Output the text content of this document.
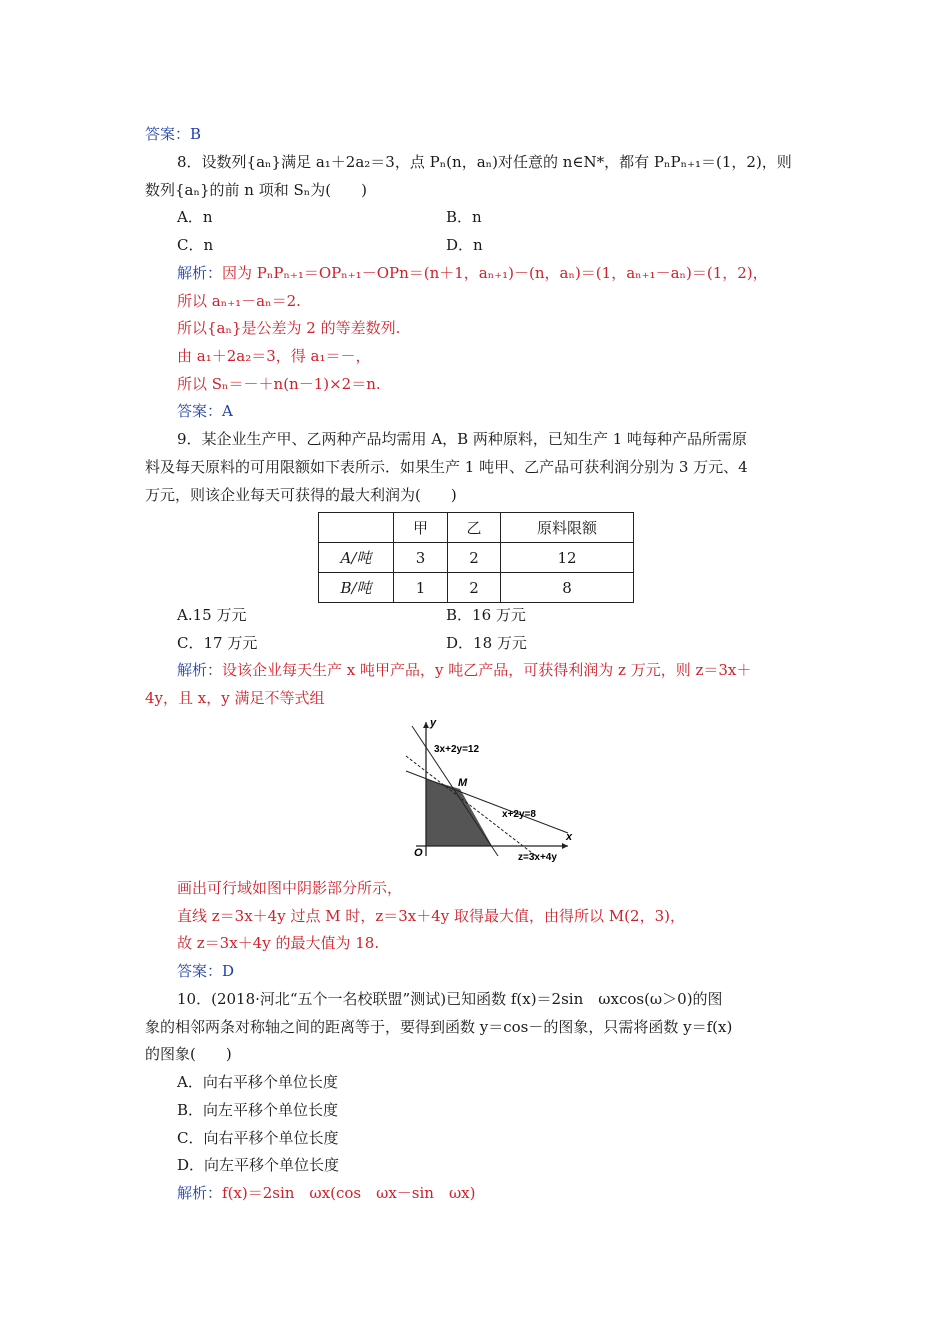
答案：B
8．设数列{aₙ}满足 a₁＋2a₂＝3，点 Pₙ(n，aₙ)对任意的 n∈N*，都有 PₙPₙ₊₁＝(1，2)，则
数列{aₙ}的前 n 项和 Sₙ为(　　)
A．n	B．n
C．n	D．n
解析：因为 PₙPₙ₊₁＝OPₙ₊₁－OPn＝(n＋1，aₙ₊₁)－(n，aₙ)＝(1，aₙ₊₁－aₙ)＝(1，2)，
所以 aₙ₊₁－aₙ＝2.
所以{aₙ}是公差为 2 的等差数列.
由 a₁＋2a₂＝3，得 a₁＝－，
所以 Sₙ＝－＋n(n－1)×2＝n.
答案：A
9．某企业生产甲、乙两种产品均需用 A，B 两种原料，已知生产 1 吨每种产品所需原
料及每天原料的可用限额如下表所示．如果生产 1 吨甲、乙产品可获利润分别为 3 万元、4
万元，则该企业每天可获得的最大利润为(　　)
	甲	乙	原料限额
A/吨	3	2	12
B/吨	1	2	8
A.15 万元	B．16 万元
C．17 万元	D．18 万元
解析：设该企业每天生产 x 吨甲产品，y 吨乙产品，可获得利润为 z 万元，则 z＝3x＋
4y，且 x，y 满足不等式组
y
x
O
M
3x+2y=12
x+2y=8
z=3x+4y
画出可行域如图中阴影部分所示，
直线 z＝3x＋4y 过点 M 时，z＝3x＋4y 取得最大值，由得所以 M(2，3)，
故 z＝3x＋4y 的最大值为 18.
答案：D
10．(2018·河北“五个一名校联盟”测试)已知函数 f(x)＝2sin　ωxcos(ω＞0)的图
象的相邻两条对称轴之间的距离等于，要得到函数 y＝cos－的图象，只需将函数 y＝f(x)
的图象(　　)
A．向右平移个单位长度
B．向左平移个单位长度
C．向右平移个单位长度
D．向左平移个单位长度
解析：f(x)＝2sin　ωx(cos　ωx－sin　ωx)
